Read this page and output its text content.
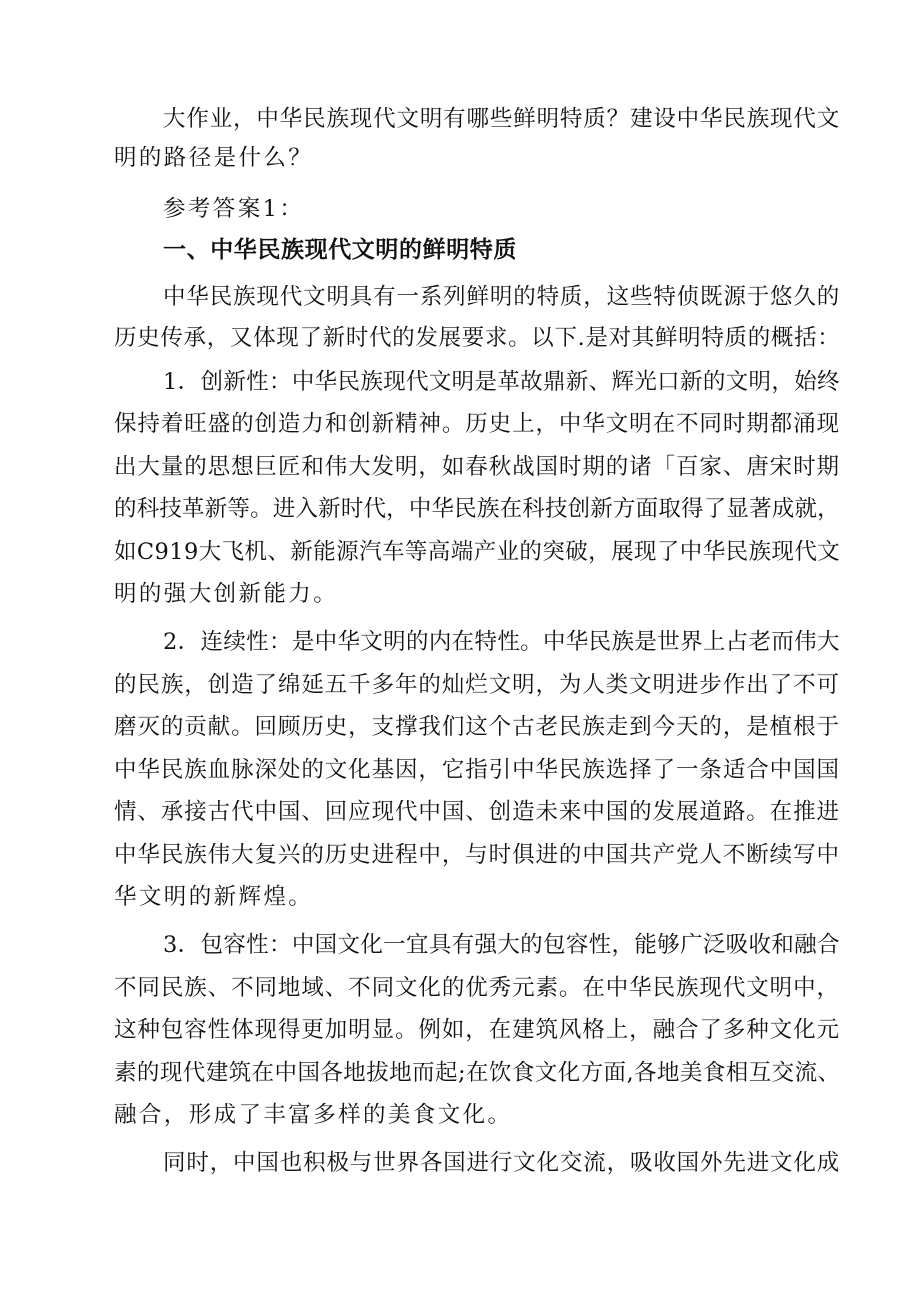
大作业，中华民族现代文明有哪些鲜明特质？建设中华民族现代文
明的路径是什么？
参考答案1：
一、中华民族现代文明的鲜明特质
中华民族现代文明具有一系列鲜明的特质，这些特侦既源于悠久的
历史传承，又体现了新时代的发展要求。以下.是对其鲜明特质的概括：
1．创新性：中华民族现代文明是革故鼎新、辉光口新的文明，始终
保持着旺盛的创造力和创新精神。历史上，中华文明在不同时期都涌现
出大量的思想巨匠和伟大发明，如春秋战国时期的诸「百家、唐宋时期
的科技革新等。进入新时代，中华民族在科技创新方面取得了显著成就，
如C919大飞机、新能源汽车等高端产业的突破，展现了中华民族现代文
明的强大创新能力。
2．连续性：是中华文明的内在特性。中华民族是世界上占老而伟大
的民族，创造了绵延五千多年的灿烂文明，为人类文明进步作出了不可
磨灭的贡献。回顾历史，支撑我们这个古老民族走到今天的，是植根于
中华民族血脉深处的文化基因，它指引中华民族选择了一条适合中国国
情、承接古代中国、回应现代中国、创造未来中国的发展道路。在推进
中华民族伟大复兴的历史进程中，与时俱进的中国共产党人不断续写中
华文明的新辉煌。
3．包容性：中国文化一宜具有强大的包容性，能够广泛吸收和融合
不同民族、不同地域、不同文化的优秀元素。在中华民族现代文明中，
这种包容性体现得更加明显。例如，在建筑风格上，融合了多种文化元
素的现代建筑在中国各地拔地而起;在饮食文化方面,各地美食相互交流、
融合，形成了丰富多样的美食文化。
同时，中国也积极与世界各国进行文化交流，吸收国外先进文化成
